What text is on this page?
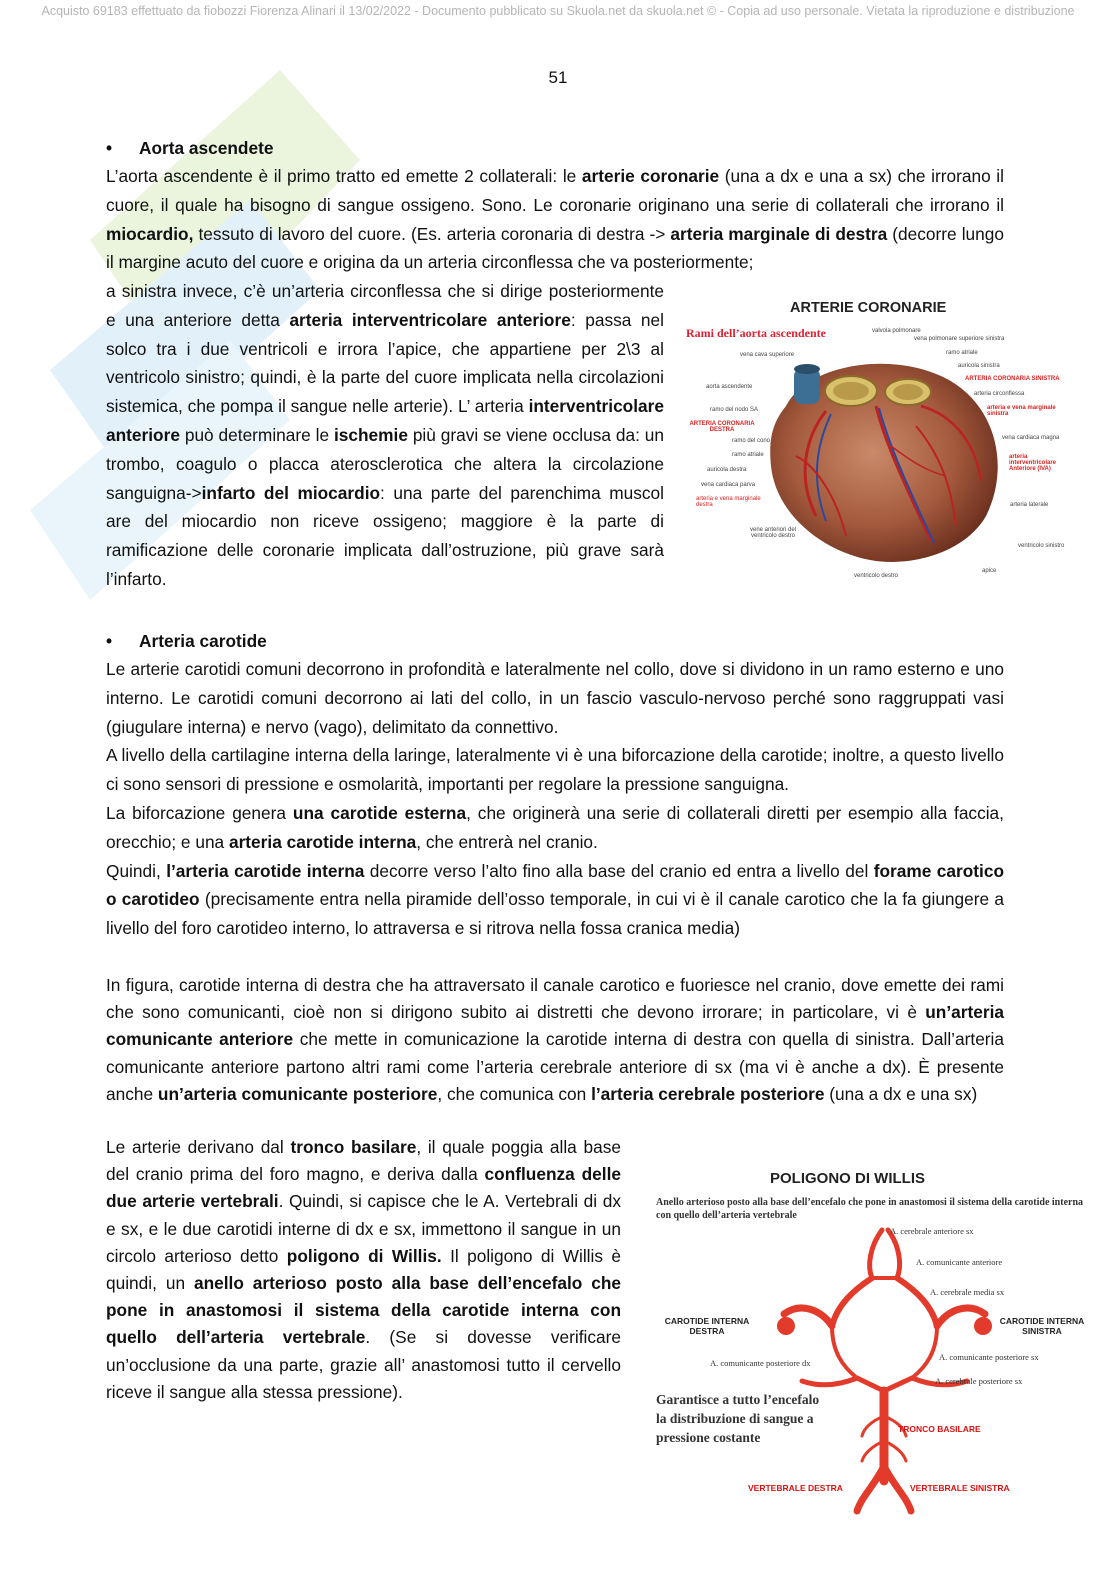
Acquisto 69183 effettuato da fiobozzi Fiorenza Alinari il 13/02/2022 - Documento pubblicato su Skuola.net da skuola.net © - Copia ad uso personale. Vietata la riproduzione e distribuzione
51

• Aorta ascendete

L’aorta ascendente è il primo tratto ed emette 2 collaterali: le arterie coronarie (una a dx e una a sx) che irrorano il cuore, il quale ha bisogno di sangue ossigeno. Sono. Le coronarie originano una serie di collaterali che irrorano il miocardio, tessuto di lavoro del cuore. (Es. arteria coronaria di destra -> arteria marginale di destra (decorre lungo il margine acuto del cuore e origina da un arteria circonflessa che va posteriormente;

a sinistra invece, c’è un’arteria circonflessa che si dirige posteriormente e una anteriore detta arteria interventricolare anteriore: passa nel solco tra i due ventricoli e irrora l’apice, che appartiene per 2\3 al ventricolo sinistro; quindi, è la parte del cuore implicata nella circolazioni sistemica, che pompa il sangue nelle arterie). L’ arteria interventricolare anteriore può determinare le ischemie più gravi se viene occlusa da: un trombo, coagulo o placca aterosclerotica che altera la circolazione sanguigna->infarto del miocardio: una parte del parenchima muscol are del miocardio non riceve ossigeno; maggiore è la parte di ramificazione delle coronarie implicata dall’ostruzione, più grave sarà l’infarto.

ARTERIE CORONARIE
Rami dell’aorta ascendente	valvola polmonare
vena polmonare superiore sinistra
ramo atriale
auricola sinistra
ARTERIA CORONARIA SINISTRA
arteria circonflessa
arteria e vena marginale sinistra
vena cava superiore
aorta ascendente
ramo del nodo SA
ARTERIA CORONARIA DESTRA
ramo del cono
ramo atriale
auricola destra
vena cardiaca parva
arteria e vena marginale destra
vena cardiaca magna
arteria interventricolare Anteriore (IVA)
vene anteriori del ventricolo destro
arteria laterale
ventricolo sinistro
ventricolo destro
apice

• Arteria carotide

Le arterie carotidi comuni decorrono in profondità e lateralmente nel collo, dove si dividono in un ramo esterno e uno interno. Le carotidi comuni decorrono ai lati del collo, in un fascio vasculo-nervoso perché sono raggruppati vasi (giugulare interna) e nervo (vago), delimitato da connettivo.

A livello della cartilagine interna della laringe, lateralmente vi è una biforcazione della carotide; inoltre, a questo livello ci sono sensori di pressione e osmolarità, importanti per regolare la pressione sanguigna.

La biforcazione genera una carotide esterna, che originerà una serie di collaterali diretti per esempio alla faccia, orecchio; e una arteria carotide interna, che entrerà nel cranio.

Quindi, l’arteria carotide interna decorre verso l’alto fino alla base del cranio ed entra a livello del forame carotico o carotideo (precisamente entra nella piramide dell’osso temporale, in cui vi è il canale carotico che la fa giungere a livello del foro carotideo interno, lo attraversa e si ritrova nella fossa cranica media)

In figura, carotide interna di destra che ha attraversato il canale carotico e fuoriesce nel cranio, dove emette dei rami che sono comunicanti, cioè non si dirigono subito ai distretti che devono irrorare; in particolare, vi è un’arteria comunicante anteriore che mette in comunicazione la carotide interna di destra con quella di sinistra. Dall’arteria comunicante anteriore partono altri rami come l’arteria cerebrale anteriore di sx (ma vi è anche a dx). È presente anche un’arteria comunicante posteriore, che comunica con l’arteria cerebrale posteriore (una a dx e una sx)

Le arterie derivano dal tronco basilare, il quale poggia alla base del cranio prima del foro magno, e deriva dalla confluenza delle due arterie vertebrali. Quindi, si capisce che le A. Vertebrali di dx e sx, e le due carotidi interne di dx e sx, immettono il sangue in un circolo arterioso detto poligono di Willis. Il poligono di Willis è quindi, un anello arterioso posto alla base dell’encefalo che pone in anastomosi il sistema della carotide interna con quello dell’arteria vertebrale. (Se si dovesse verificare un’occlusione da una parte, grazie all’ anastomosi tutto il cervello riceve il sangue alla stessa pressione).

POLIGONO DI WILLIS
Anello arterioso posto alla base dell’encefalo che pone in anastomosi il sistema della carotide interna con quello dell’arteria vertebrale
A. cerebrale anteriore sx
A. comunicante anteriore
A. cerebrale media sx
CAROTIDE INTERNA DESTRA
CAROTIDE INTERNA SINISTRA
A. comunicante posteriore dx
A. comunicante posteriore sx
A. cerebrale posteriore sx
TRONCO BASILARE
VERTEBRALE DESTRA	VERTEBRALE SINISTRA
Garantisce a tutto l’encefalo la distribuzione di sangue a pressione costante
